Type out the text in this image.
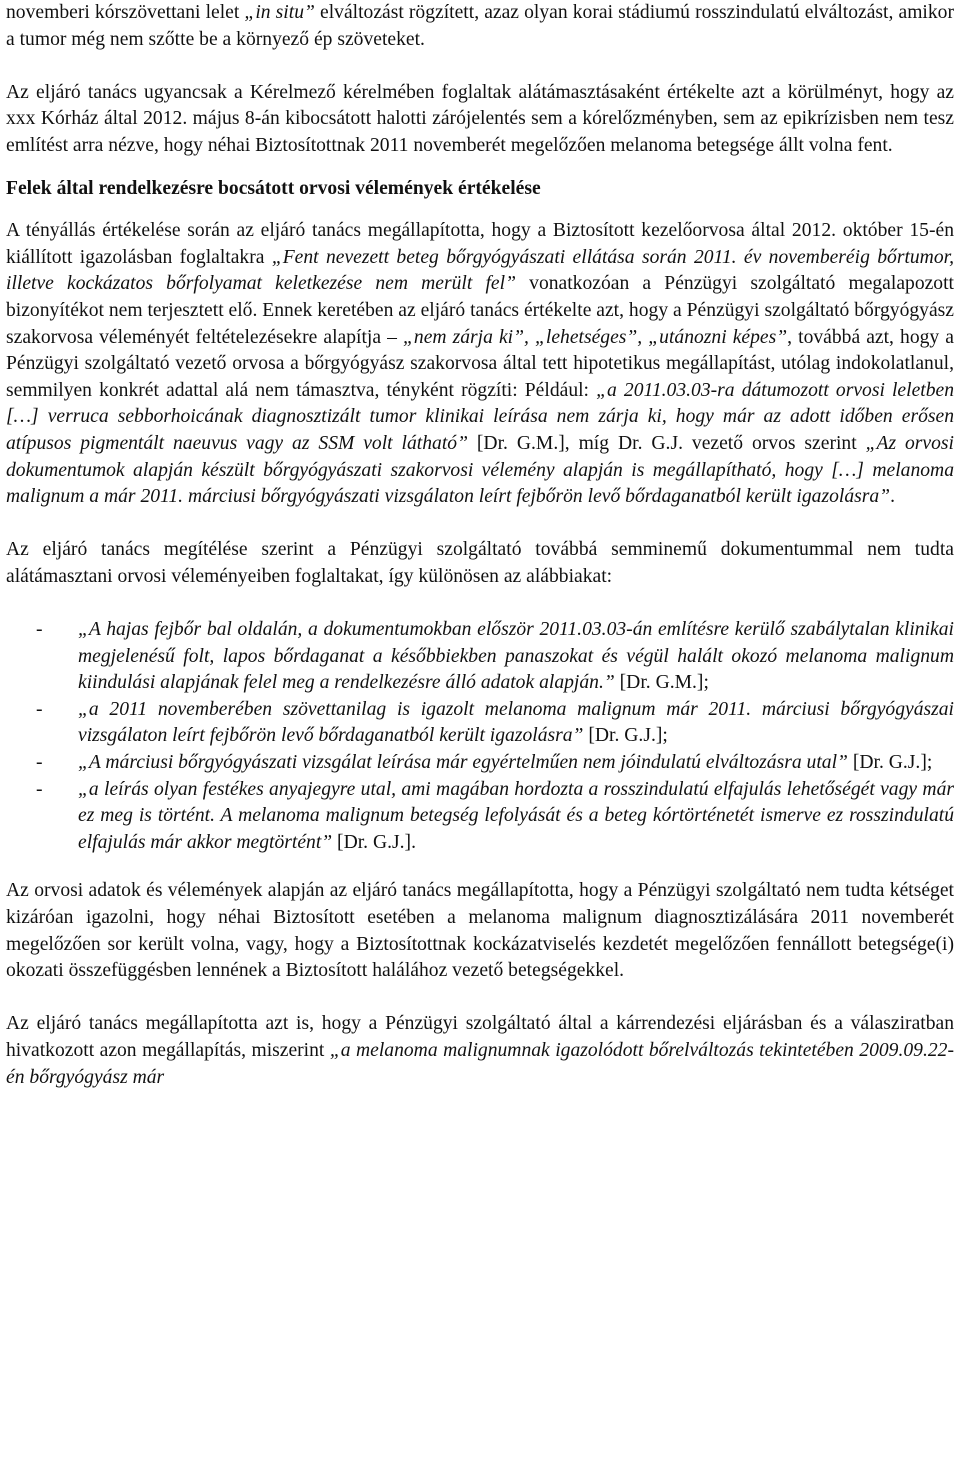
novemberi kórszövettani lelet „in situ” elváltozást rögzített, azaz olyan korai stádiumú rosszindulatú elváltozást, amikor a tumor még nem szőtte be a környező ép szöveteket.

Az eljáró tanács ugyancsak a Kérelmező kérelmében foglaltak alátámasztásaként értékelte azt a körülményt, hogy az xxx Kórház által 2012. május 8-án kibocsátott halotti zárójelentés sem a kórelőzményben, sem az epikrízisben nem tesz említést arra nézve, hogy néhai Biztosítottnak 2011 novemberét megelőzően melanoma betegsége állt volna fent.

Felek által rendelkezésre bocsátott orvosi vélemények értékelése

A tényállás értékelése során az eljáró tanács megállapította, hogy a Biztosított kezelőorvosa által 2012. október 15-én kiállított igazolásban foglaltakra „Fent nevezett beteg bőrgyógyászati ellátása során 2011. év novemberéig bőrtumor, illetve kockázatos bőrfolyamat keletkezése nem merült fel” vonatkozóan a Pénzügyi szolgáltató megalapozott bizonyítékot nem terjesztett elő. Ennek keretében az eljáró tanács értékelte azt, hogy a Pénzügyi szolgáltató bőrgyógyász szakorvosa véleményét feltételezésekre alapítja – „nem zárja ki”, „lehetséges”, „utánozni képes”, továbbá azt, hogy a Pénzügyi szolgáltató vezető orvosa a bőrgyógyász szakorvosa által tett hipotetikus megállapítást, utólag indokolatlanul, semmilyen konkrét adattal alá nem támasztva, tényként rögzíti: Például: „a 2011.03.03-ra dátumozott orvosi leletben […] verruca sebborhoicának diagnosztizált tumor klinikai leírása nem zárja ki, hogy már az adott időben erősen atípusos pigmentált naeuvus vagy az SSM volt látható” [Dr. G.M.], míg Dr. G.J. vezető orvos szerint „Az orvosi dokumentumok alapján készült bőrgyógyászati szakorvosi vélemény alapján is megállapítható, hogy […] melanoma malignum a már 2011. márciusi bőrgyógyászati vizsgálaton leírt fejbőrön levő bőrdaganatból került igazolásra”.

Az eljáró tanács megítélése szerint a Pénzügyi szolgáltató továbbá semminemű dokumentummal nem tudta alátámasztani orvosi véleményeiben foglaltakat, így különösen az alábbiakat:

- „A hajas fejbőr bal oldalán, a dokumentumokban először 2011.03.03-án említésre kerülő szabálytalan klinikai megjelenésű folt, lapos bőrdaganat a későbbiekben panaszokat és végül halált okozó melanoma malignum kiindulási alapjának felel meg a rendelkezésre álló adatok alapján.” [Dr. G.M.];
- „a 2011 novemberében szövettanilag is igazolt melanoma malignum már 2011. márciusi bőrgyógyászai vizsgálaton leírt fejbőrön levő bőrdaganatból került igazolásra” [Dr. G.J.];
- „A márciusi bőrgyógyászati vizsgálat leírása már egyértelműen nem jóindulatú elváltozásra utal” [Dr. G.J.];
- „a leírás olyan festékes anyajegyre utal, ami magában hordozta a rosszindulatú elfajulás lehetőségét vagy már ez meg is történt. A melanoma malignum betegség lefolyását és a beteg kórtörténetét ismerve ez rosszindulatú elfajulás már akkor megtörtént” [Dr. G.J.].

Az orvosi adatok és vélemények alapján az eljáró tanács megállapította, hogy a Pénzügyi szolgáltató nem tudta kétséget kizáróan igazolni, hogy néhai Biztosított esetében a melanoma malignum diagnosztizálására 2011 novemberét megelőzően sor került volna, vagy, hogy a Biztosítottnak kockázatviselés kezdetét megelőzően fennállott betegsége(i) okozati összefüggésben lennének a Biztosított halálához vezető betegségekkel.

Az eljáró tanács megállapította azt is, hogy a Pénzügyi szolgáltató által a kárrendezési eljárásban és a válasziratban hivatkozott azon megállapítás, miszerint „a melanoma malignumnak igazolódott bőrelváltozás tekintetében 2009.09.22-én bőrgyógyász már
